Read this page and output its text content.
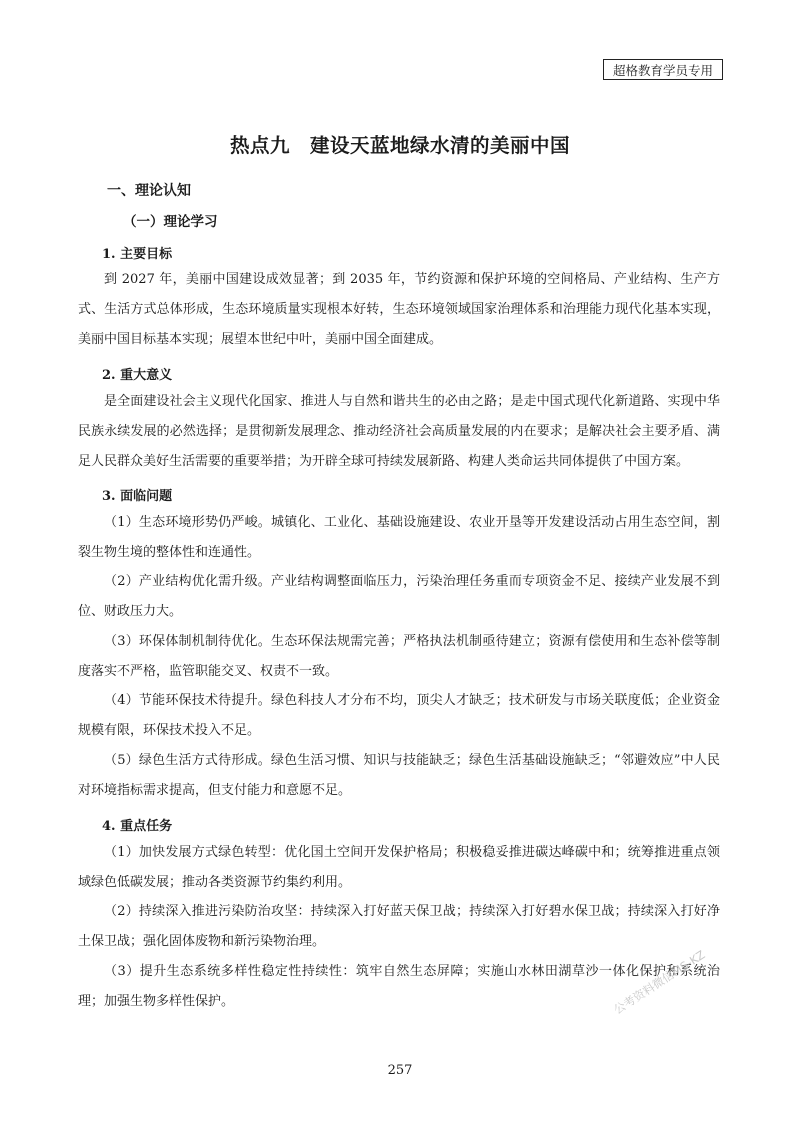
超格教育学员专用
热点九　建设天蓝地绿水清的美丽中国
一、理论认知
（一）理论学习
1. 主要目标
到 2027 年，美丽中国建设成效显著；到 2035 年，节约资源和保护环境的空间格局、产业结构、生产方式、生活方式总体形成，生态环境质量实现根本好转，生态环境领域国家治理体系和治理能力现代化基本实现，美丽中国目标基本实现；展望本世纪中叶，美丽中国全面建成。
2. 重大意义
是全面建设社会主义现代化国家、推进人与自然和谐共生的必由之路；是走中国式现代化新道路、实现中华民族永续发展的必然选择；是贯彻新发展理念、推动经济社会高质量发展的内在要求；是解决社会主要矛盾、满足人民群众美好生活需要的重要举措；为开辟全球可持续发展新路、构建人类命运共同体提供了中国方案。
3. 面临问题
（1）生态环境形势仍严峻。城镇化、工业化、基础设施建设、农业开垦等开发建设活动占用生态空间，割裂生物生境的整体性和连通性。
（2）产业结构优化需升级。产业结构调整面临压力，污染治理任务重而专项资金不足、接续产业发展不到位、财政压力大。
（3）环保体制机制待优化。生态环保法规需完善；严格执法机制亟待建立；资源有偿使用和生态补偿等制度落实不严格，监管职能交叉、权责不一致。
（4）节能环保技术待提升。绿色科技人才分布不均，顶尖人才缺乏；技术研发与市场关联度低；企业资金规模有限，环保技术投入不足。
（5）绿色生活方式待形成。绿色生活习惯、知识与技能缺乏；绿色生活基础设施缺乏；“邻避效应”中人民对环境指标需求提高，但支付能力和意愿不足。
4. 重点任务
（1）加快发展方式绿色转型：优化国土空间开发保护格局；积极稳妥推进碳达峰碳中和；统筹推进重点领域绿色低碳发展；推动各类资源节约集约利用。
（2）持续深入推进污染防治攻坚：持续深入打好蓝天保卫战；持续深入打好碧水保卫战；持续深入打好净土保卫战；强化固体废物和新污染物治理。
（3）提升生态系统多样性稳定性持续性：筑牢自然生态屏障；实施山水林田湖草沙一体化保护和系统治理；加强生物多样性保护。	公考资料微信MS-KZ
257
